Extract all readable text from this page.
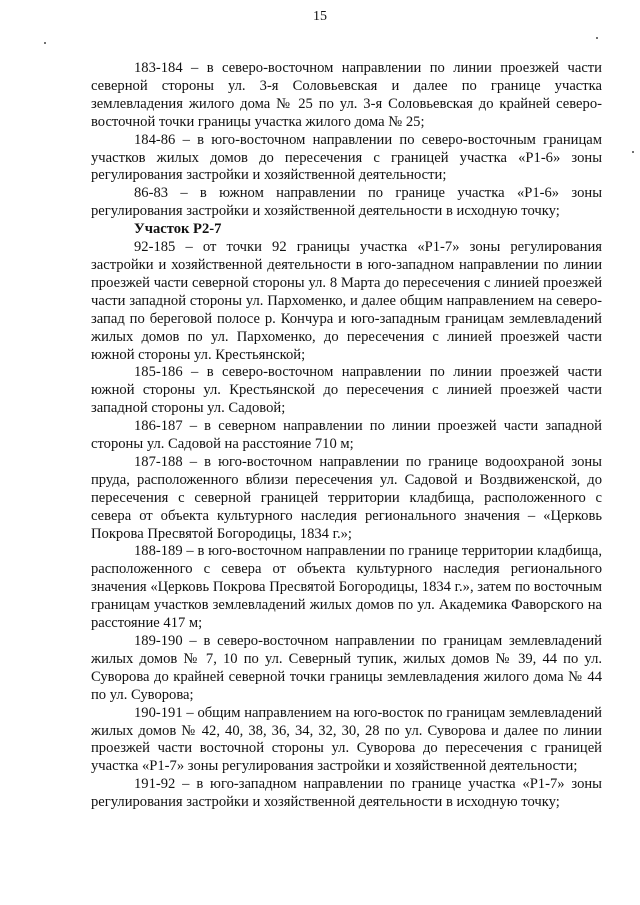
15

183-184 – в северо-восточном направлении по линии проезжей части северной стороны ул. 3-я Соловьевская и далее по границе участка землевладения жилого дома № 25 по ул. 3-я Соловьевская до крайней северо-восточной точки границы участка жилого дома № 25;

184-86 – в юго-восточном направлении по северо-восточным границам участков жилых домов до пересечения с границей участка «Р1-6» зоны регулирования застройки и хозяйственной деятельности;

86-83 – в южном направлении по границе участка «Р1-6» зоны регулирования застройки и хозяйственной деятельности в исходную точку;

Участок Р2-7

92-185 – от точки 92 границы участка «Р1-7» зоны регулирования застройки и хозяйственной деятельности в юго-западном направлении по линии проезжей части северной стороны ул. 8 Марта до пересечения с линией проезжей части западной стороны ул. Пархоменко, и далее общим направлением на северо-запад по береговой полосе р. Кончура и юго-западным границам землевладений жилых домов по ул. Пархоменко, до пересечения с линией проезжей части южной стороны ул. Крестьянской;

185-186 – в северо-восточном направлении по линии проезжей части южной стороны ул. Крестьянской до пересечения с линией проезжей части западной стороны ул. Садовой;

186-187 – в северном направлении по линии проезжей части западной стороны ул. Садовой на расстояние 710 м;

187-188 – в юго-восточном направлении по границе водоохраной зоны пруда, расположенного вблизи пересечения ул. Садовой и Воздвиженской, до пересечения с северной границей территории кладбища, расположенного с севера от объекта культурного наследия регионального значения – «Церковь Покрова Пресвятой Богородицы, 1834 г.»;

188-189 – в юго-восточном направлении по границе территории кладбища, расположенного с севера от объекта культурного наследия регионального значения «Церковь Покрова Пресвятой Богородицы, 1834 г.», затем по восточным границам участков землевладений жилых домов по ул. Академика Фаворского на расстояние 417 м;

189-190 – в северо-восточном направлении по границам землевладений жилых домов № 7, 10 по ул. Северный тупик, жилых домов № 39, 44 по ул. Суворова до крайней северной точки границы землевладения жилого дома № 44 по ул. Суворова;

190-191 – общим направлением на юго-восток по границам землевладений жилых домов № 42, 40, 38, 36, 34, 32, 30, 28 по ул. Суворова и далее по линии проезжей части восточной стороны ул. Суворова до пересечения с границей участка «Р1-7» зоны регулирования застройки и хозяйственной деятельности;

191-92 – в юго-западном направлении по границе участка «Р1-7» зоны регулирования застройки и хозяйственной деятельности в исходную точку;
